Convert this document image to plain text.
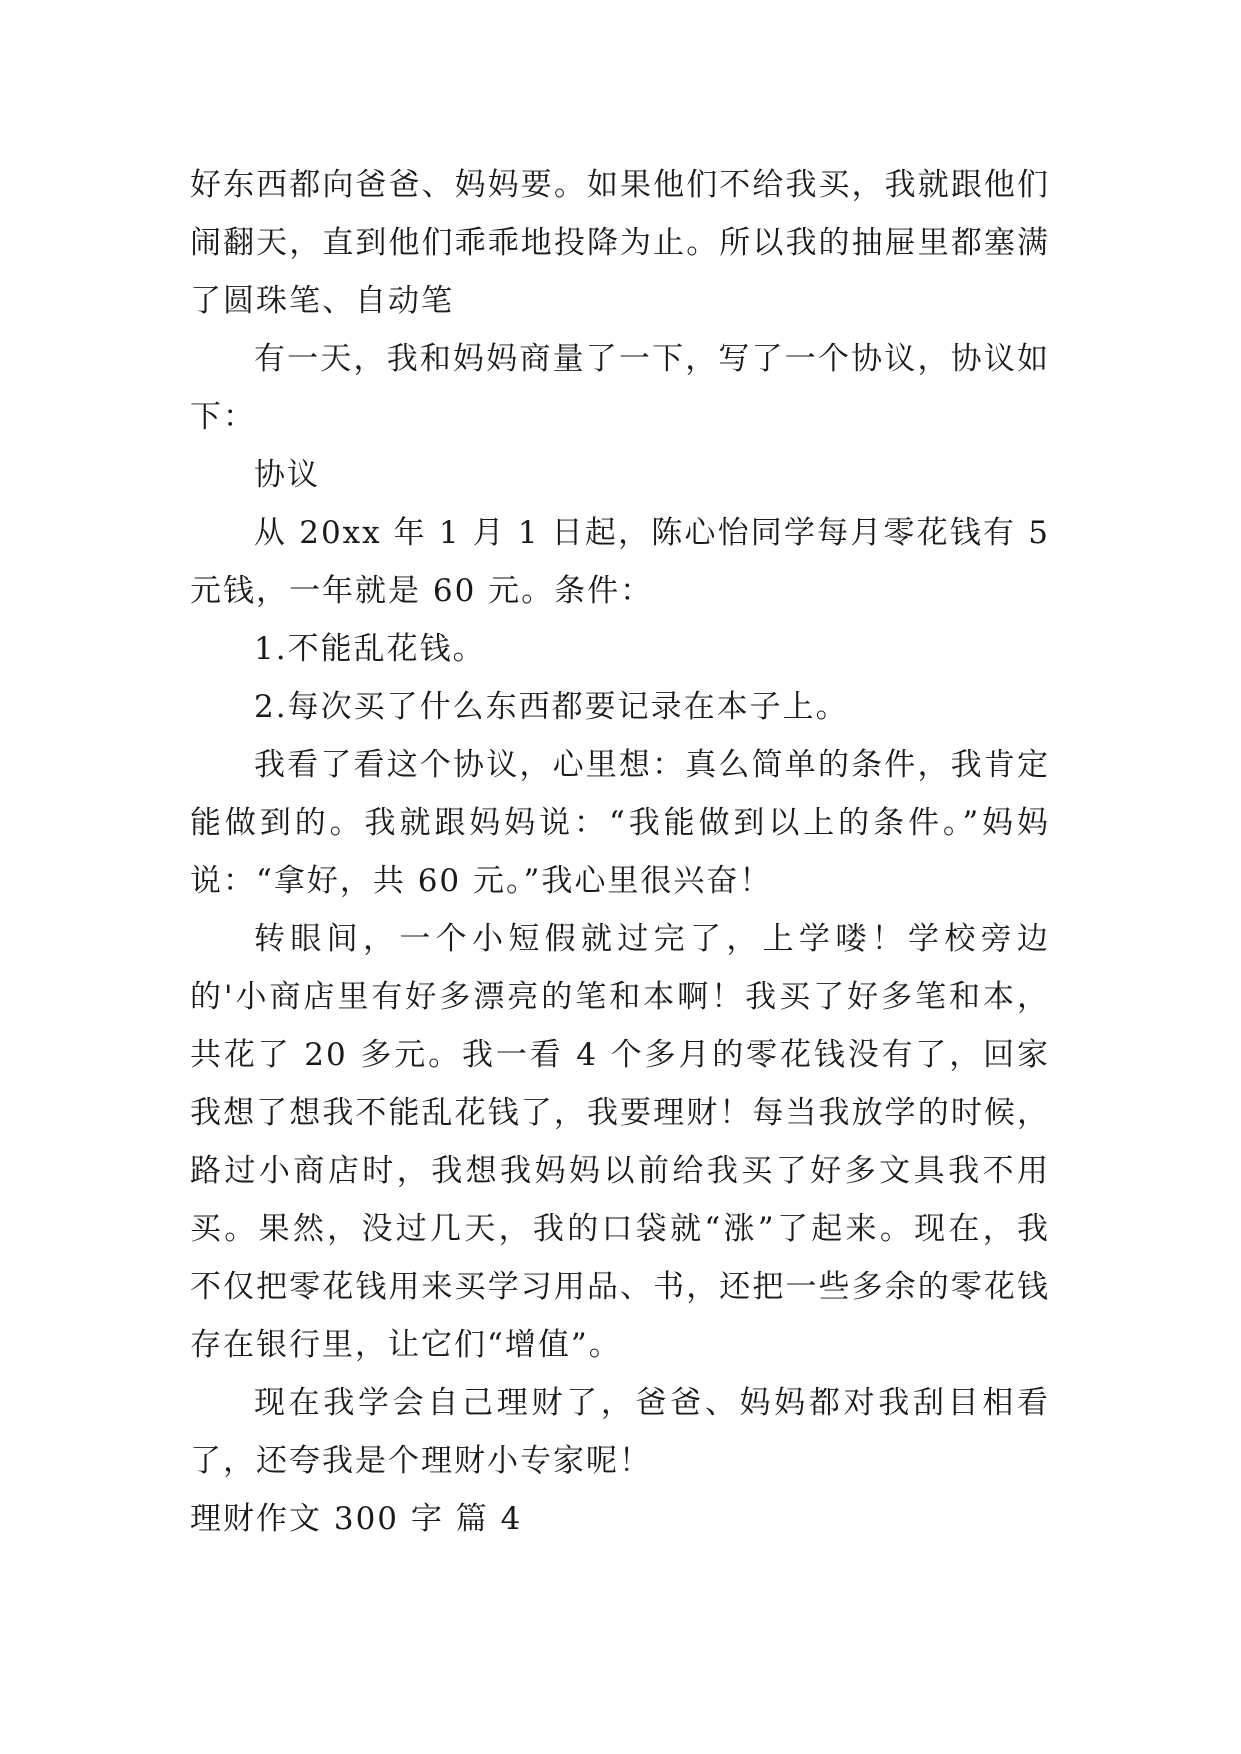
好东西都向爸爸、妈妈要。如果他们不给我买，我就跟他们闹翻天，直到他们乖乖地投降为止。所以我的抽屉里都塞满了圆珠笔、自动笔

有一天，我和妈妈商量了一下，写了一个协议，协议如下：

协议

从 20xx 年 1 月 1 日起，陈心怡同学每月零花钱有 5 元钱，一年就是 60 元。条件：

1.不能乱花钱。

2.每次买了什么东西都要记录在本子上。

我看了看这个协议，心里想：真么简单的条件，我肯定能做到的。我就跟妈妈说：“我能做到以上的条件。”妈妈说：“拿好，共 60 元。”我心里很兴奋！

转眼间，一个小短假就过完了，上学喽！学校旁边的'小商店里有好多漂亮的笔和本啊！我买了好多笔和本，共花了 20 多元。我一看 4 个多月的零花钱没有了，回家我想了想我不能乱花钱了，我要理财！每当我放学的时候，路过小商店时，我想我妈妈以前给我买了好多文具我不用买。果然，没过几天，我的口袋就“涨”了起来。现在，我不仅把零花钱用来买学习用品、书，还把一些多余的零花钱存在银行里，让它们“增值”。

现在我学会自己理财了，爸爸、妈妈都对我刮目相看了，还夸我是个理财小专家呢！

理财作文 300 字 篇 4
